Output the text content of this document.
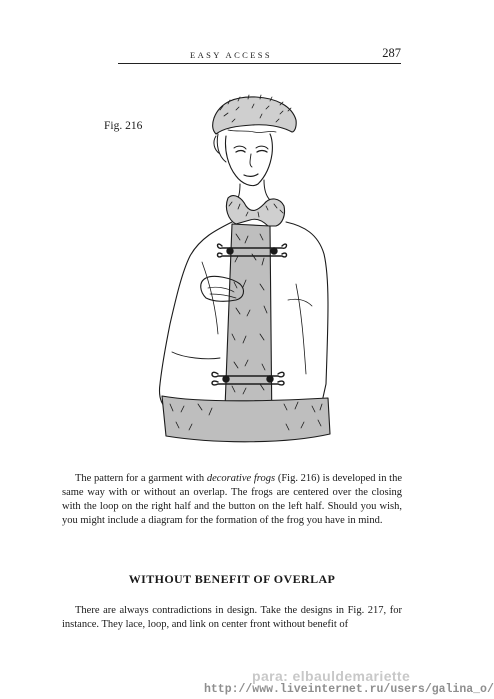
EASY ACCESS	287
Fig. 216

The pattern for a garment with decorative frogs (Fig. 216) is developed in the same way with or without an overlap. The frogs are centered over the closing with the loop on the right half and the button on the left half. Should you wish, you might include a diagram for the formation of the frog you have in mind.

WITHOUT BENEFIT OF OVERLAP

There are always contradictions in design. Take the designs in Fig. 217, for instance. They lace, loop, and link on center front without benefit of

para: elbauldemariette
http://www.liveinternet.ru/users/galina_o/
